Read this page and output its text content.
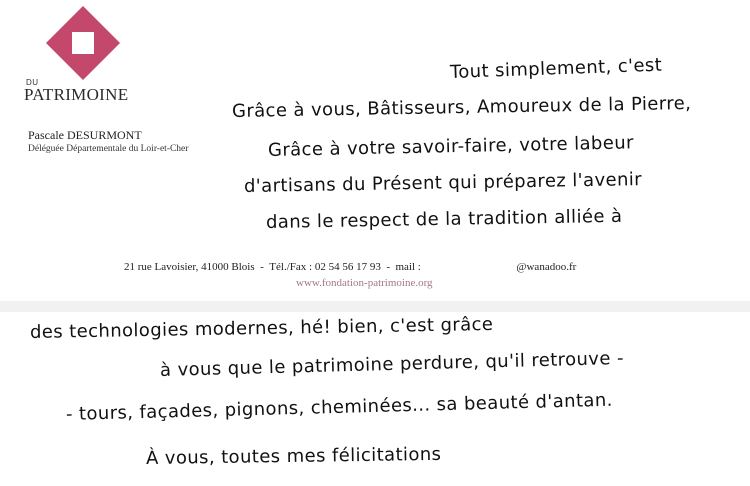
DU
PATRIMOINE
Pascale DESURMONT
Déléguée Départementale du Loir-et-Cher
Tout simplement, c'est
Grâce à vous, Bâtisseurs, Amoureux de la Pierre,
Grâce à votre savoir-faire, votre labeur
d'artisans du Présent qui préparez l'avenir
dans le respect de la tradition alliée à
21 rue Lavoisier, 41000 Blois - Tél./Fax : 02 54 56 17 93 - mail :	@wanadoo.fr
www.fondation-patrimoine.org
des technologies modernes, hé! bien, c'est grâce
à vous que le patrimoine perdure, qu'il retrouve -
- tours, façades, pignons, cheminées... sa beauté d'antan.
À vous, toutes mes félicitations
